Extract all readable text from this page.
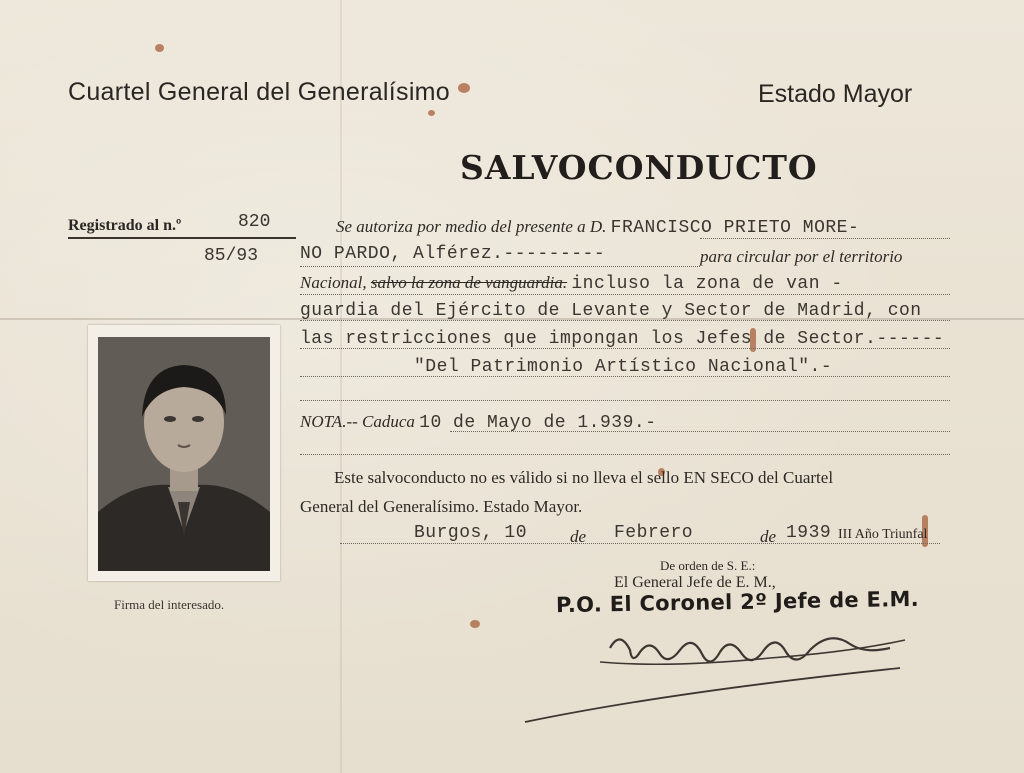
Cuartel General del Generalísimo	Estado Mayor
SALVOCONDUCTO
Registrado al n.º	820
85/93
Se autoriza por medio del presente a D. FRANCISCO PRIETO MORE-
NO PARDO, Alférez.---------	para circular por el territorio
Nacional, salvo la zona de vanguardia. incluso la zona de van -
guardia del Ejército de Levante y Sector de Madrid, con
las restricciones que impongan los Jefes de Sector.------
"Del Patrimonio Artístico Nacional".-
NOTA.-- Caduca 10 de Mayo de 1.939.-
Firma del interesado.
Este salvoconducto no es válido si no lleva el sello EN SECO del Cuartel
General del Generalísimo. Estado Mayor.
Burgos, 10	de Febrero	de 1939 III Año Triunfal
De orden de S. E.:
El General Jefe de E. M.,
P.O. El Coronel 2º Jefe de E.M.
